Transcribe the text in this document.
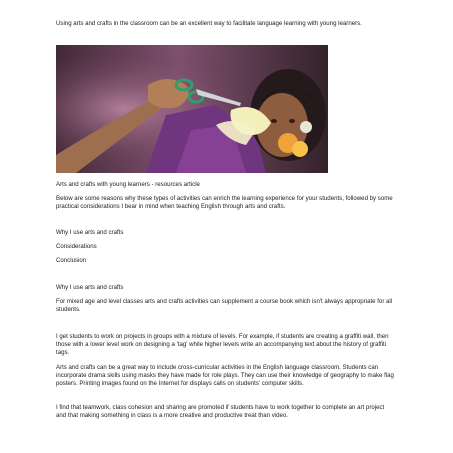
Using arts and crafts in the classroom can be an excellent way to facilitate language learning with young learners.

Arts and crafts with young learners - resources article

Below are some reasons why these types of activities can enrich the learning experience for your students, followed by some practical considerations I bear in mind when teaching English through arts and crafts.

Why I use arts and crafts

Considerations

Conclusion

Why I use arts and crafts

For mixed age and level classes arts and crafts activities can supplement a course book which isn't always appropriate for all students.

I get students to work on projects in groups with a mixture of levels. For example, if students are creating a graffiti wall, then those with a lower level work on designing a 'tag' while higher levels write an accompanying text about the history of graffiti tags.

Arts and crafts can be a great way to include cross-curricular activities in the English language classroom. Students can incorporate drama skills using masks they have made for role plays. They can use their knowledge of geography to make flag posters. Printing images found on the Internet for displays calls on students' computer skills.

I find that teamwork, class cohesion and sharing are promoted if students have to work together to complete an art project and that making something in class is a more creative and productive treat than video.
